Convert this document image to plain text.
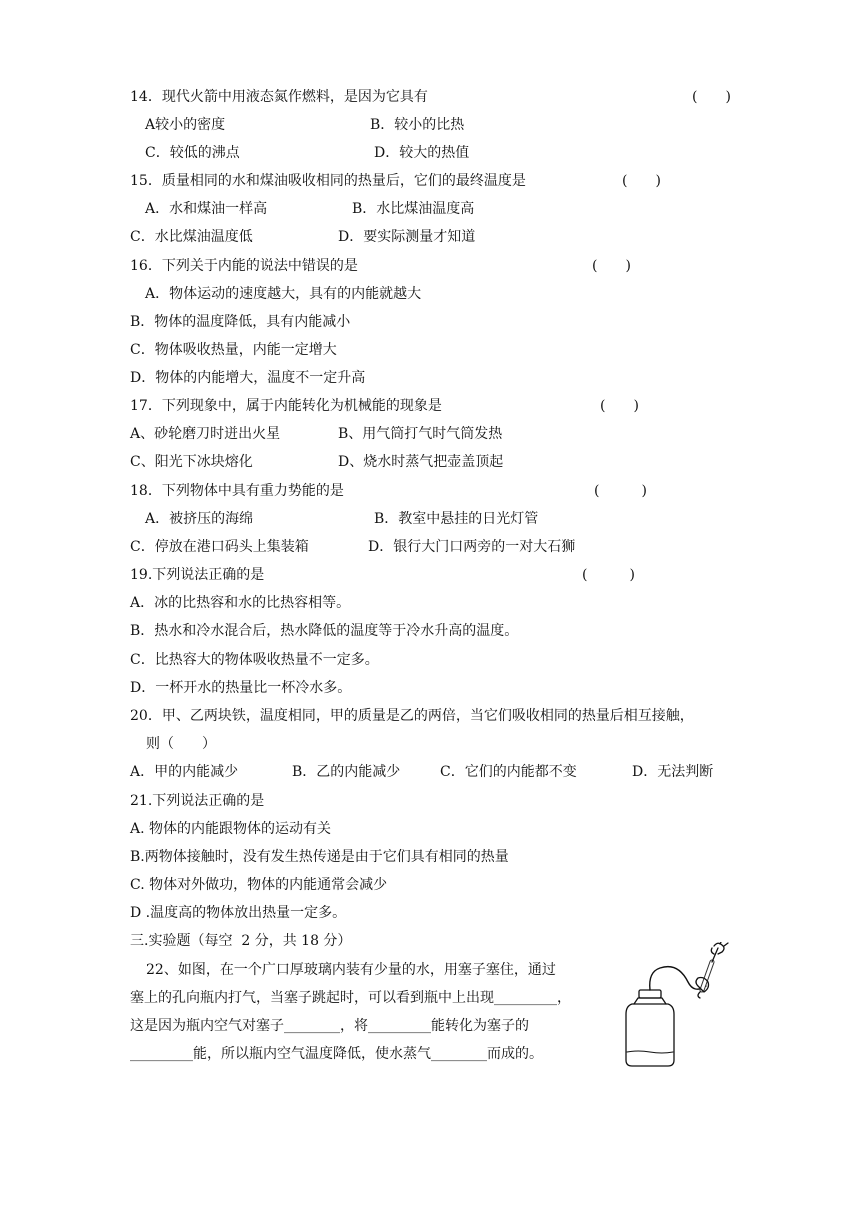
14．现代火箭中用液态氮作燃料，是因为它具有	(　　)
A较小的密度	B．较小的比热
C．较低的沸点	D．较大的热值
15．质量相同的水和煤油吸收相同的热量后，它们的最终温度是	(　　)
A．水和煤油一样高	B．水比煤油温度高
C．水比煤油温度低	D．要实际测量才知道
16．下列关于内能的说法中错误的是	(　　)
A．物体运动的速度越大，具有的内能就越大
B．物体的温度降低，具有内能减小
C．物体吸收热量，内能一定增大
D．物体的内能增大，温度不一定升高
17．下列现象中，属于内能转化为机械能的现象是	(　　)
A、砂轮磨刀时迸出火星	B、用气筒打气时气筒发热
C、阳光下冰块熔化	D、烧水时蒸气把壶盖顶起
18．下列物体中具有重力势能的是	(　　　)
A．被挤压的海绵	B．教室中悬挂的日光灯管
C．停放在港口码头上集装箱	D．银行大门口两旁的一对大石狮
19.下列说法正确的是	(　　　)
A．冰的比热容和水的比热容相等。
B．热水和冷水混合后，热水降低的温度等于冷水升高的温度。
C．比热容大的物体吸收热量不一定多。
D．一杯开水的热量比一杯冷水多。
20．甲、乙两块铁，温度相同，甲的质量是乙的两倍，当它们吸收相同的热量后相互接触，
则（　　）
A．甲的内能减少	B．乙的内能减少	C．它们的内能都不变	D．无法判断
21.下列说法正确的是
A. 物体的内能跟物体的运动有关
B.两物体接触时，没有发生热传递是由于它们具有相同的热量
C. 物体对外做功，物体的内能通常会减少
D .温度高的物体放出热量一定多。
三.实验题（每空  2 分，共 18 分）
22、如图，在一个广口厚玻璃内装有少量的水，用塞子塞住，通过
塞上的孔向瓶内打气，当塞子跳起时，可以看到瓶中上出现_________，
这是因为瓶内空气对塞子________，将_________能转化为塞子的
_________能，所以瓶内空气温度降低，使水蒸气________而成的。
